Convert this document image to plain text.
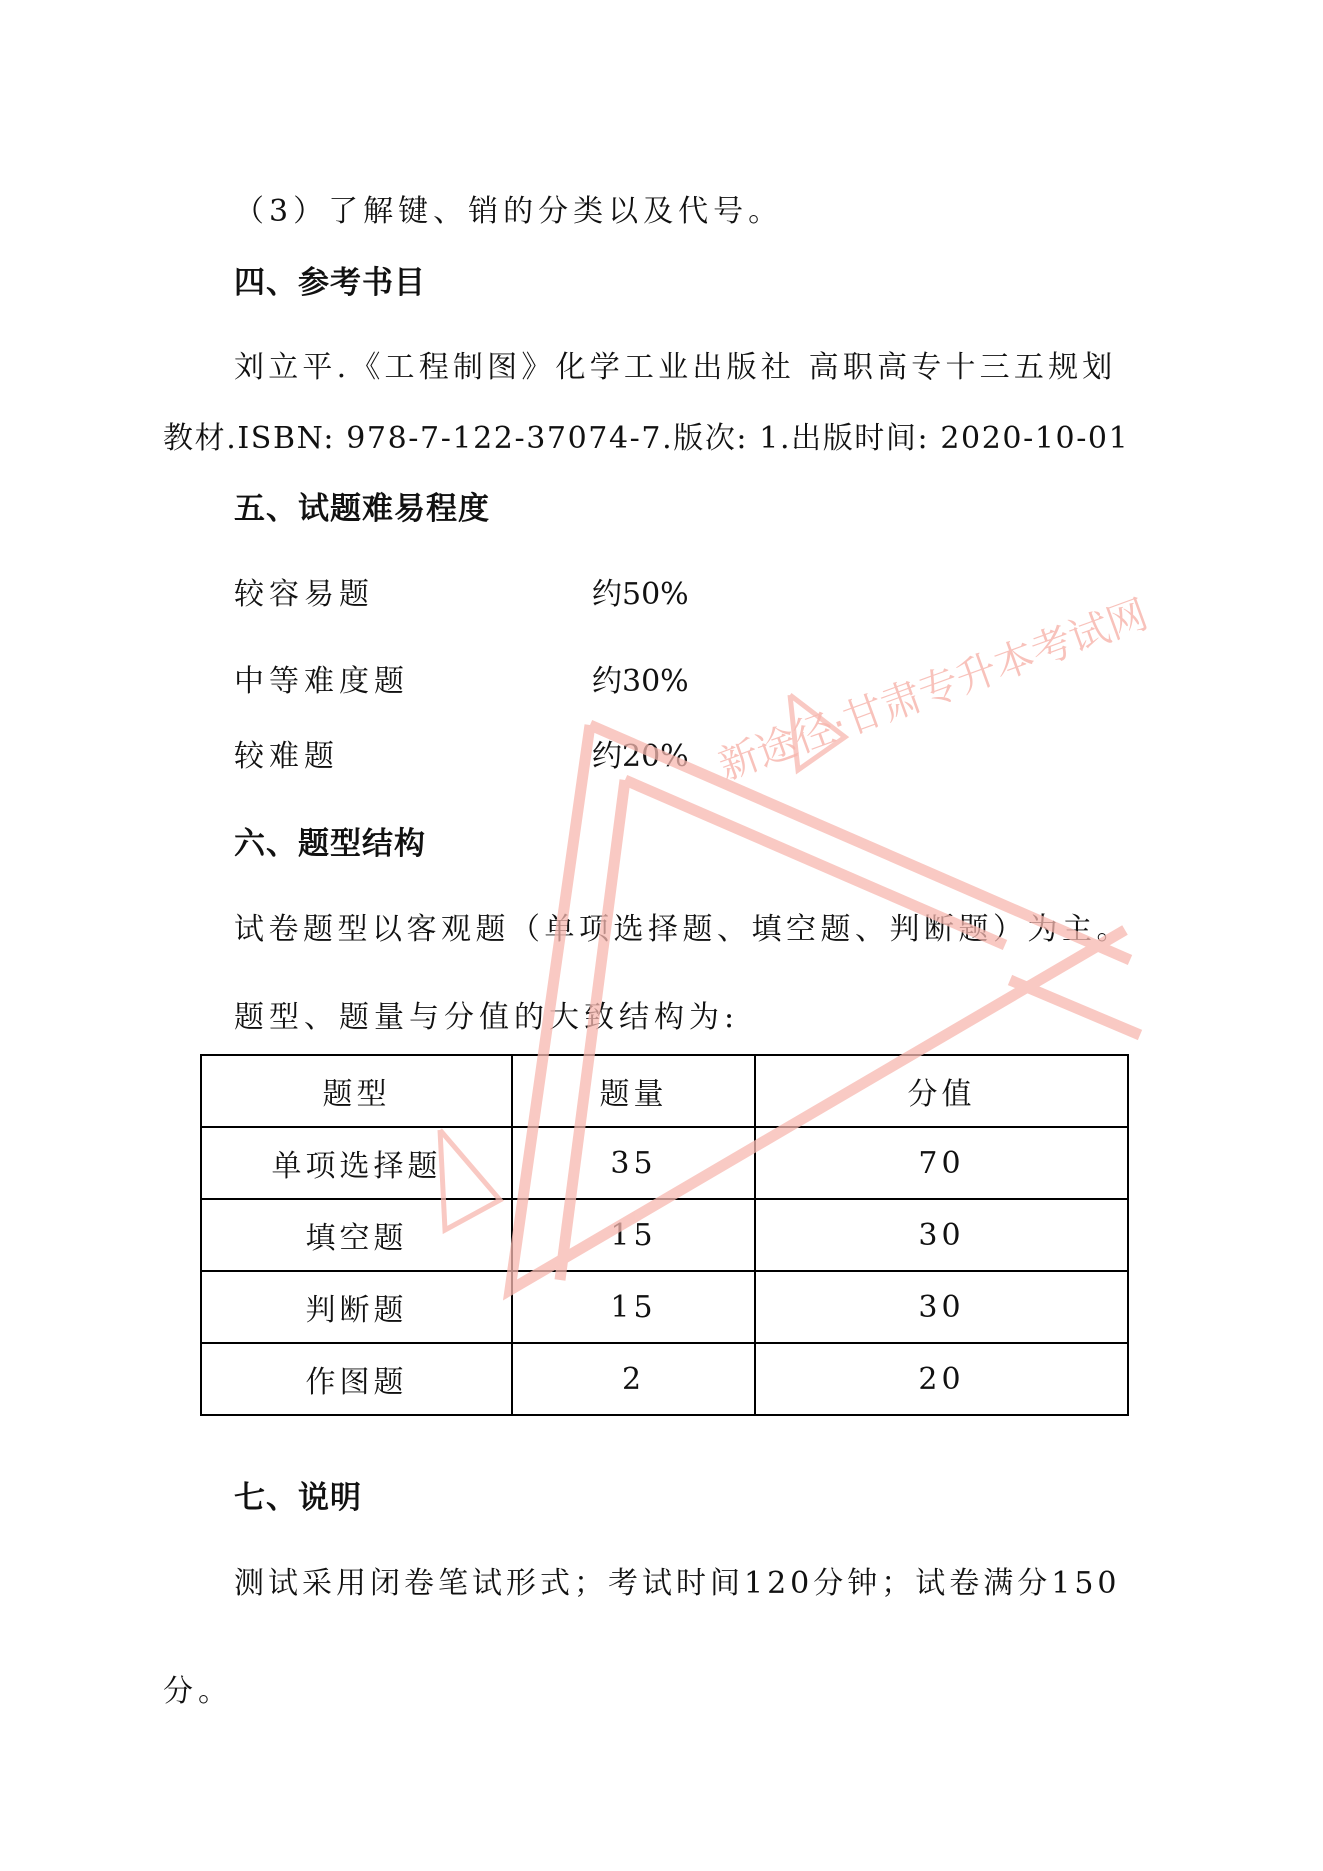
（3）了解键、销的分类以及代号。
四、参考书目
刘立平.《工程制图》化学工业出版社 高职高专十三五规划
教材.ISBN: 978-7-122-37074-7.版次: 1.出版时间: 2020-10-01
五、试题难易程度
较容易题	约50%
中等难度题	约30%
较难题	约20%
六、题型结构
试卷题型以客观题（单项选择题、填空题、判断题）为主。
题型、题量与分值的大致结构为:
题型	题量	分值
单项选择题	35	70
填空题	15	30
判断题	15	30
作图题	2	20
七、说明
测试采用闭卷笔试形式；考试时间120分钟；试卷满分150
分。
新途径·甘肃专升本考试网
